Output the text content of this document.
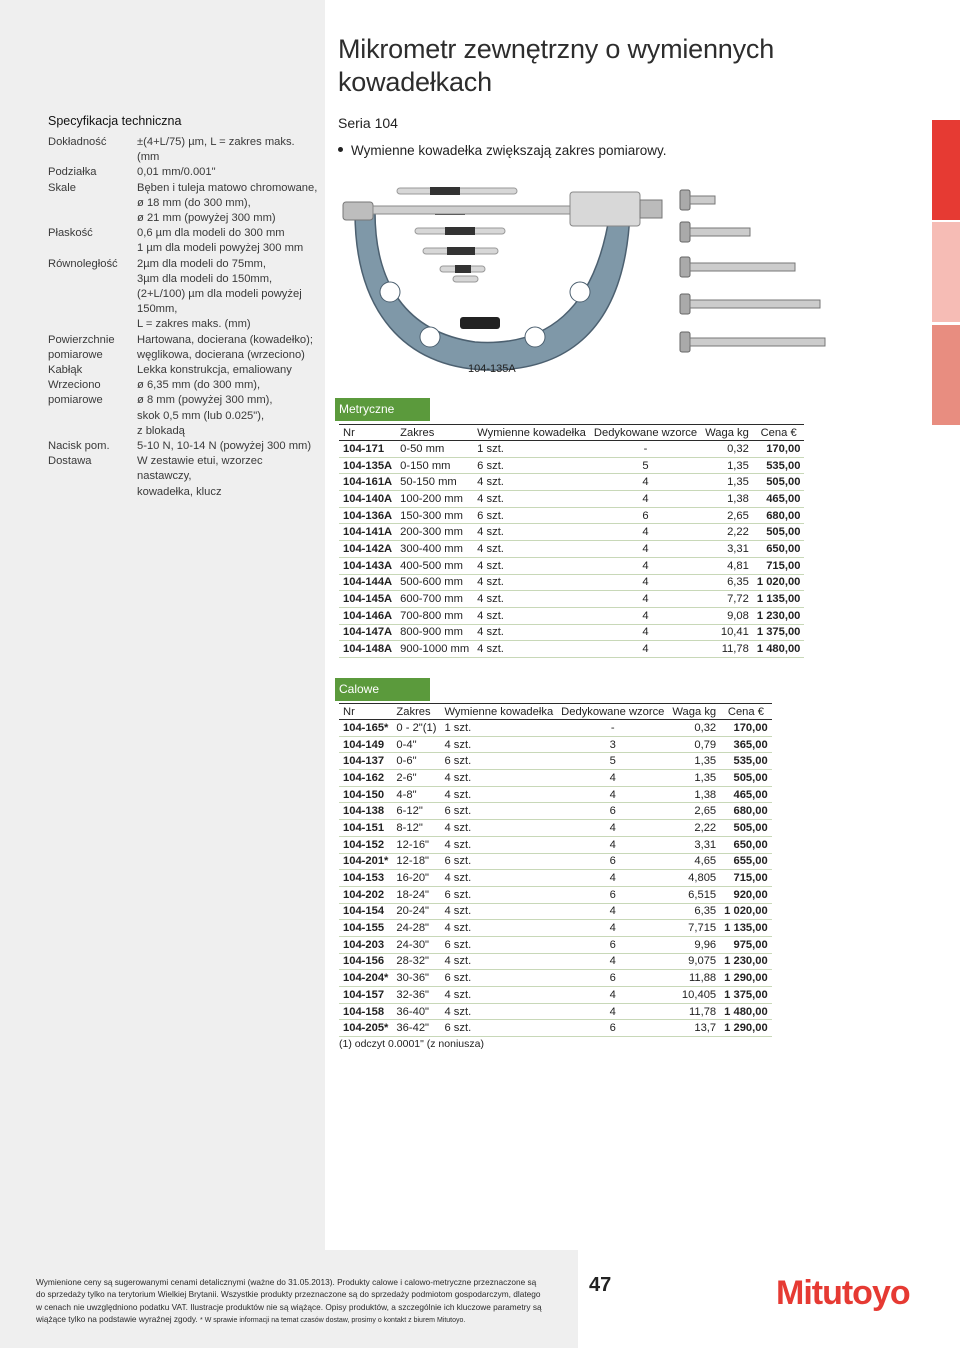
Specyfikacja techniczna
Dokładność	±(4+L/75) µm, L = zakres maks. (mm
Podziałka	0,01 mm/0.001"
Skale	Bęben i tuleja matowo chromowane,
ø 18 mm (do 300 mm),
ø 21 mm (powyżej 300 mm)
Płaskość	0,6 µm dla modeli do 300 mm
1 µm dla modeli powyżej 300 mm
Równoległość	2µm dla modeli do 75mm,
3µm dla modeli do 150mm,
(2+L/100) µm dla modeli powyżej
150mm,
L = zakres maks. (mm)
Powierzchnie
pomiarowe	Hartowana, docierana (kowadełko);
węglikowa, docierana (wrzeciono)
Kabłąk	Lekka konstrukcja, emaliowany
Wrzeciono
pomiarowe	ø 6,35 mm (do 300 mm),
ø 8 mm (powyżej 300 mm),
skok 0,5 mm (lub 0.025"),
z blokadą
Nacisk pom.	5-10 N, 10-14 N (powyżej 300 mm)
Dostawa	W zestawie etui, wzorzec nastawczy,
kowadełka, klucz
Mikrometr zewnętrzny o wymiennych kowadełkach
Seria 104
Wymienne kowadełka zwiększają zakres pomiarowy.
104-135A
Metryczne
Nr	Zakres	Wymienne kowadełka	Dedykowane wzorce	Waga kg	Cena €
104-171	0-50 mm	1 szt.	-	0,32	170,00
104-135A	0-150 mm	6 szt.	5	1,35	535,00
104-161A	50-150 mm	4 szt.	4	1,35	505,00
104-140A	100-200 mm	4 szt.	4	1,38	465,00
104-136A	150-300 mm	6 szt.	6	2,65	680,00
104-141A	200-300 mm	4 szt.	4	2,22	505,00
104-142A	300-400 mm	4 szt.	4	3,31	650,00
104-143A	400-500 mm	4 szt.	4	4,81	715,00
104-144A	500-600 mm	4 szt.	4	6,35	1 020,00
104-145A	600-700 mm	4 szt.	4	7,72	1 135,00
104-146A	700-800 mm	4 szt.	4	9,08	1 230,00
104-147A	800-900 mm	4 szt.	4	10,41	1 375,00
104-148A	900-1000 mm	4 szt.	4	11,78	1 480,00
Calowe
Nr	Zakres	Wymienne kowadełka	Dedykowane wzorce	Waga kg	Cena €
104-165*	0 - 2"(1)	1 szt.	-	0,32	170,00
104-149	0-4"	4 szt.	3	0,79	365,00
104-137	0-6"	6 szt.	5	1,35	535,00
104-162	2-6"	4 szt.	4	1,35	505,00
104-150	4-8"	4 szt.	4	1,38	465,00
104-138	6-12"	6 szt.	6	2,65	680,00
104-151	8-12"	4 szt.	4	2,22	505,00
104-152	12-16"	4 szt.	4	3,31	650,00
104-201*	12-18"	6 szt.	6	4,65	655,00
104-153	16-20"	4 szt.	4	4,805	715,00
104-202	18-24"	6 szt.	6	6,515	920,00
104-154	20-24"	4 szt.	4	6,35	1 020,00
104-155	24-28"	4 szt.	4	7,715	1 135,00
104-203	24-30"	6 szt.	6	9,96	975,00
104-156	28-32"	4 szt.	4	9,075	1 230,00
104-204*	30-36"	6 szt.	6	11,88	1 290,00
104-157	32-36"	4 szt.	4	10,405	1 375,00
104-158	36-40"	4 szt.	4	11,78	1 480,00
104-205*	36-42"	6 szt.	6	13,7	1 290,00
(1) odczyt 0.0001" (z noniusza)
Wymienione ceny są sugerowanymi cenami detalicznymi (ważne do 31.05.2013). Produkty calowe i calowo-metryczne przeznaczone są do sprzedaży tylko na terytorium Wielkiej Brytanii. Wszystkie produkty przeznaczone są do sprzedaży podmiotom gospodarczym, dlatego w cenach nie uwzględniono podatku VAT. Ilustracje produktów nie są wiążące. Opisy produktów, a szczególnie ich kluczowe parametry są wiążące tylko na podstawie wyraźnej zgody. * W sprawie informacji na temat czasów dostaw, prosimy o kontakt z biurem Mitutoyo.
47	Mitutoyo
